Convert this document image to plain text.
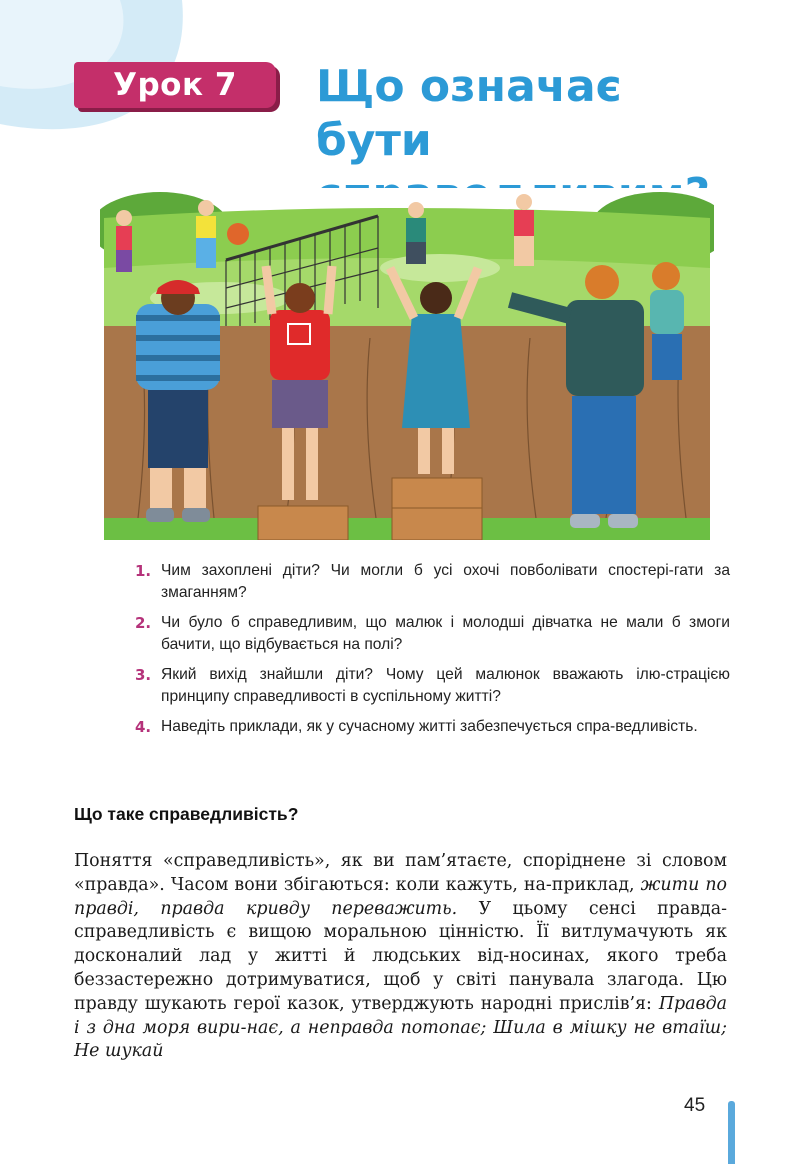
Урок 7 Що означає бути
1. Чим захоплені діти? Чи могли б усі охочі повболівати спостері-гати за змаганням?
2. Чи було б справедливим, що малюк і молодші дівчатка не мали б змоги бачити, що відбувається на полі?
3. Який вихід знайшли діти? Чому цей малюнок вважають ілю-страцією принципу справедливості в суспільному житті?
4. Наведіть приклади, як у сучасному житті забезпечується спра-ведливість.
Що таке справедливість?
Поняття «справедливість», як ви пам’ятаєте, споріднене зі словом «правда». Часом вони збігаються: коли кажуть, на-приклад, жити по правді, правда кривду переважить. У цьому сенсі правда-справедливість є вищою моральною цінністю. Її витлумачують як досконалий лад у житті й людських від-носинах, якого треба беззастережно дотримуватися, щоб у світі панувала злагода. Цю правду шукають герої казок, утверджують народні прислів’я: Правда і з дна моря вири-нає, а неправда потопає; Шила в мішку не втаїш; Не шукай
45
